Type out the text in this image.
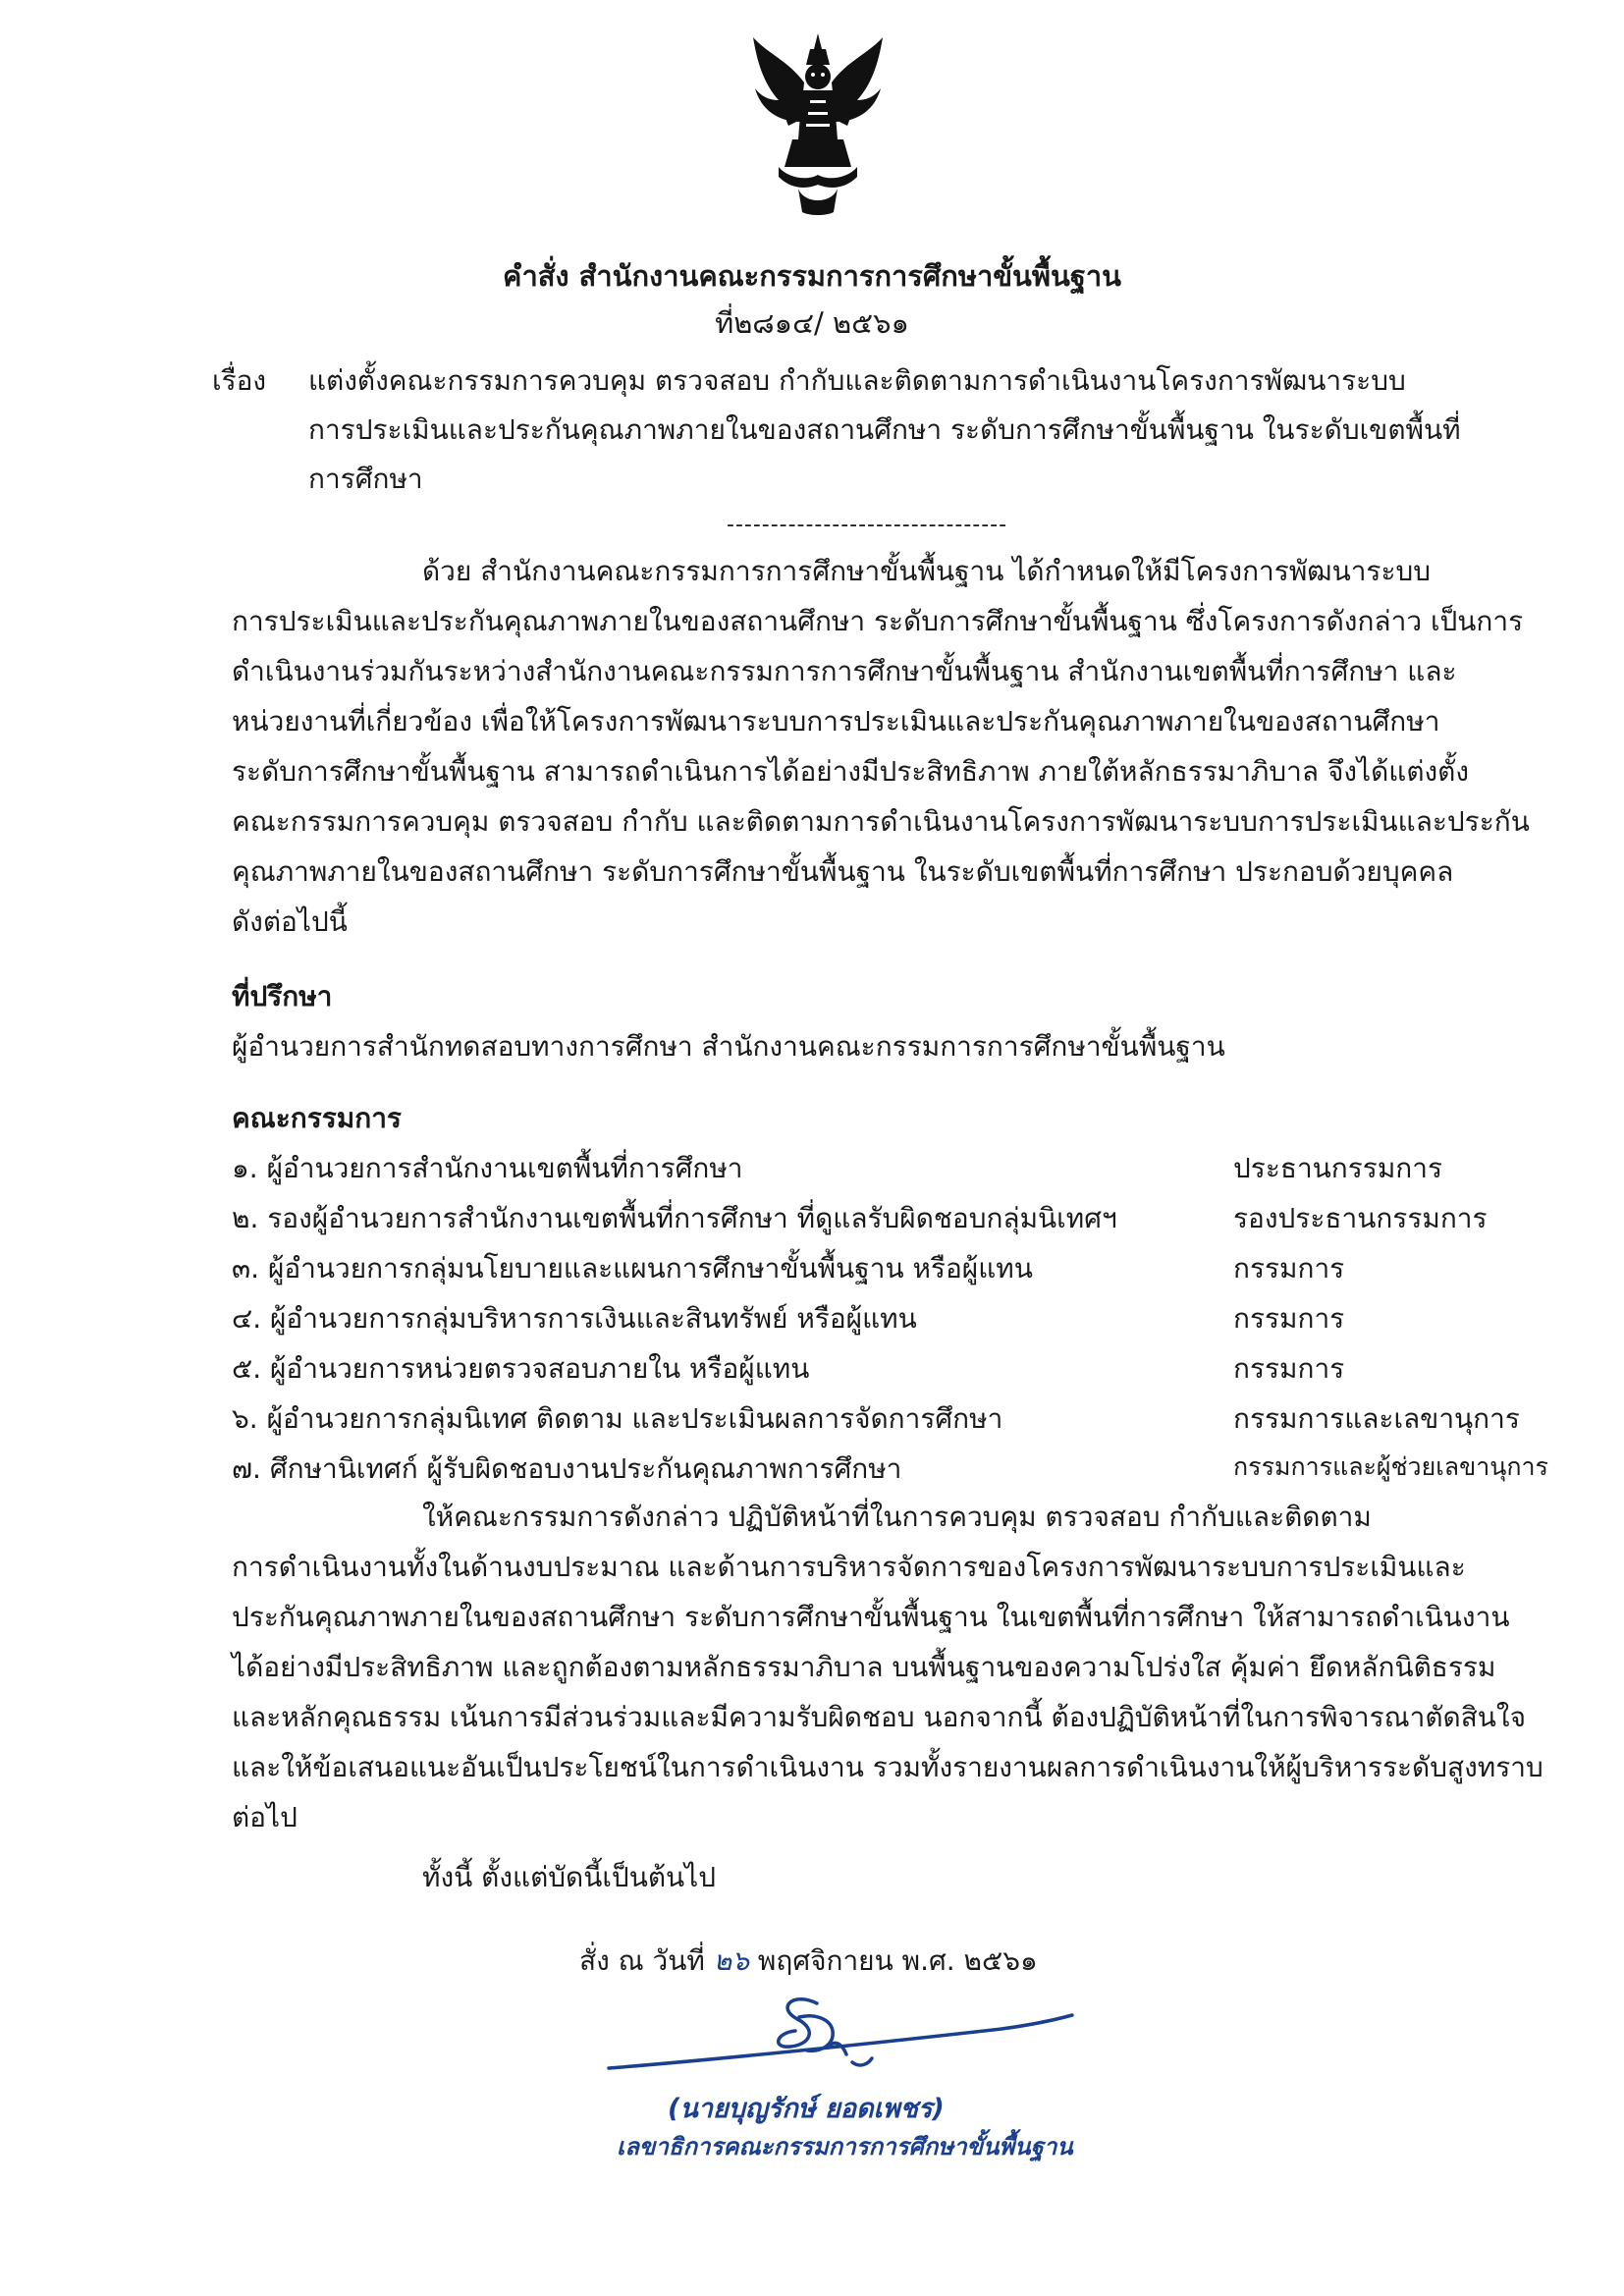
คำสั่ง สำนักงานคณะกรรมการการศึกษาขั้นพื้นฐาน
ที่๒๘๑๔/ ๒๕๖๑
เรื่อง แต่งตั้งคณะกรรมการควบคุม ตรวจสอบ กำกับและติดตามการดำเนินงานโครงการพัฒนาระบบ
การประเมินและประกันคุณภาพภายในของสถานศึกษา ระดับการศึกษาขั้นพื้นฐาน ในระดับเขตพื้นที่
การศึกษา
--------------------------------
ด้วย สำนักงานคณะกรรมการการศึกษาขั้นพื้นฐาน ได้กำหนดให้มีโครงการพัฒนาระบบ
การประเมินและประกันคุณภาพภายในของสถานศึกษา ระดับการศึกษาขั้นพื้นฐาน ซึ่งโครงการดังกล่าว เป็นการ
ดำเนินงานร่วมกันระหว่างสำนักงานคณะกรรมการการศึกษาขั้นพื้นฐาน สำนักงานเขตพื้นที่การศึกษา และ
หน่วยงานที่เกี่ยวข้อง เพื่อให้โครงการพัฒนาระบบการประเมินและประกันคุณภาพภายในของสถานศึกษา
ระดับการศึกษาขั้นพื้นฐาน สามารถดำเนินการได้อย่างมีประสิทธิภาพ ภายใต้หลักธรรมาภิบาล จึงได้แต่งตั้ง
คณะกรรมการควบคุม ตรวจสอบ กำกับ และติดตามการดำเนินงานโครงการพัฒนาระบบการประเมินและประกัน
คุณภาพภายในของสถานศึกษา ระดับการศึกษาขั้นพื้นฐาน ในระดับเขตพื้นที่การศึกษา ประกอบด้วยบุคคล
ดังต่อไปนี้
ที่ปรึกษา
ผู้อำนวยการสำนักทดสอบทางการศึกษา สำนักงานคณะกรรมการการศึกษาขั้นพื้นฐาน
คณะกรรมการ
๑. ผู้อำนวยการสำนักงานเขตพื้นที่การศึกษา	ประธานกรรมการ
๒. รองผู้อำนวยการสำนักงานเขตพื้นที่การศึกษา ที่ดูแลรับผิดชอบกลุ่มนิเทศฯ	รองประธานกรรมการ
๓. ผู้อำนวยการกลุ่มนโยบายและแผนการศึกษาขั้นพื้นฐาน หรือผู้แทน	กรรมการ
๔. ผู้อำนวยการกลุ่มบริหารการเงินและสินทรัพย์ หรือผู้แทน	กรรมการ
๕. ผู้อำนวยการหน่วยตรวจสอบภายใน หรือผู้แทน	กรรมการ
๖. ผู้อำนวยการกลุ่มนิเทศ ติดตาม และประเมินผลการจัดการศึกษา	กรรมการและเลขานุการ
๗. ศึกษานิเทศก์ ผู้รับผิดชอบงานประกันคุณภาพการศึกษา	กรรมการและผู้ช่วยเลขานุการ
ให้คณะกรรมการดังกล่าว ปฏิบัติหน้าที่ในการควบคุม ตรวจสอบ กำกับและติดตาม
การดำเนินงานทั้งในด้านงบประมาณ และด้านการบริหารจัดการของโครงการพัฒนาระบบการประเมินและ
ประกันคุณภาพภายในของสถานศึกษา ระดับการศึกษาขั้นพื้นฐาน ในเขตพื้นที่การศึกษา ให้สามารถดำเนินงาน
ได้อย่างมีประสิทธิภาพ และถูกต้องตามหลักธรรมาภิบาล บนพื้นฐานของความโปร่งใส คุ้มค่า ยึดหลักนิติธรรม
และหลักคุณธรรม เน้นการมีส่วนร่วมและมีความรับผิดชอบ นอกจากนี้ ต้องปฏิบัติหน้าที่ในการพิจารณาตัดสินใจ
และให้ข้อเสนอแนะอันเป็นประโยชน์ในการดำเนินงาน รวมทั้งรายงานผลการดำเนินงานให้ผู้บริหารระดับสูงทราบ
ต่อไป
ทั้งนี้ ตั้งแต่บัดนี้เป็นต้นไป
สั่ง ณ วันที่ ๒๖ พฤศจิกายน พ.ศ. ๒๕๖๑
(นายบุญรักษ์ ยอดเพชร)
เลขาธิการคณะกรรมการการศึกษาขั้นพื้นฐาน
